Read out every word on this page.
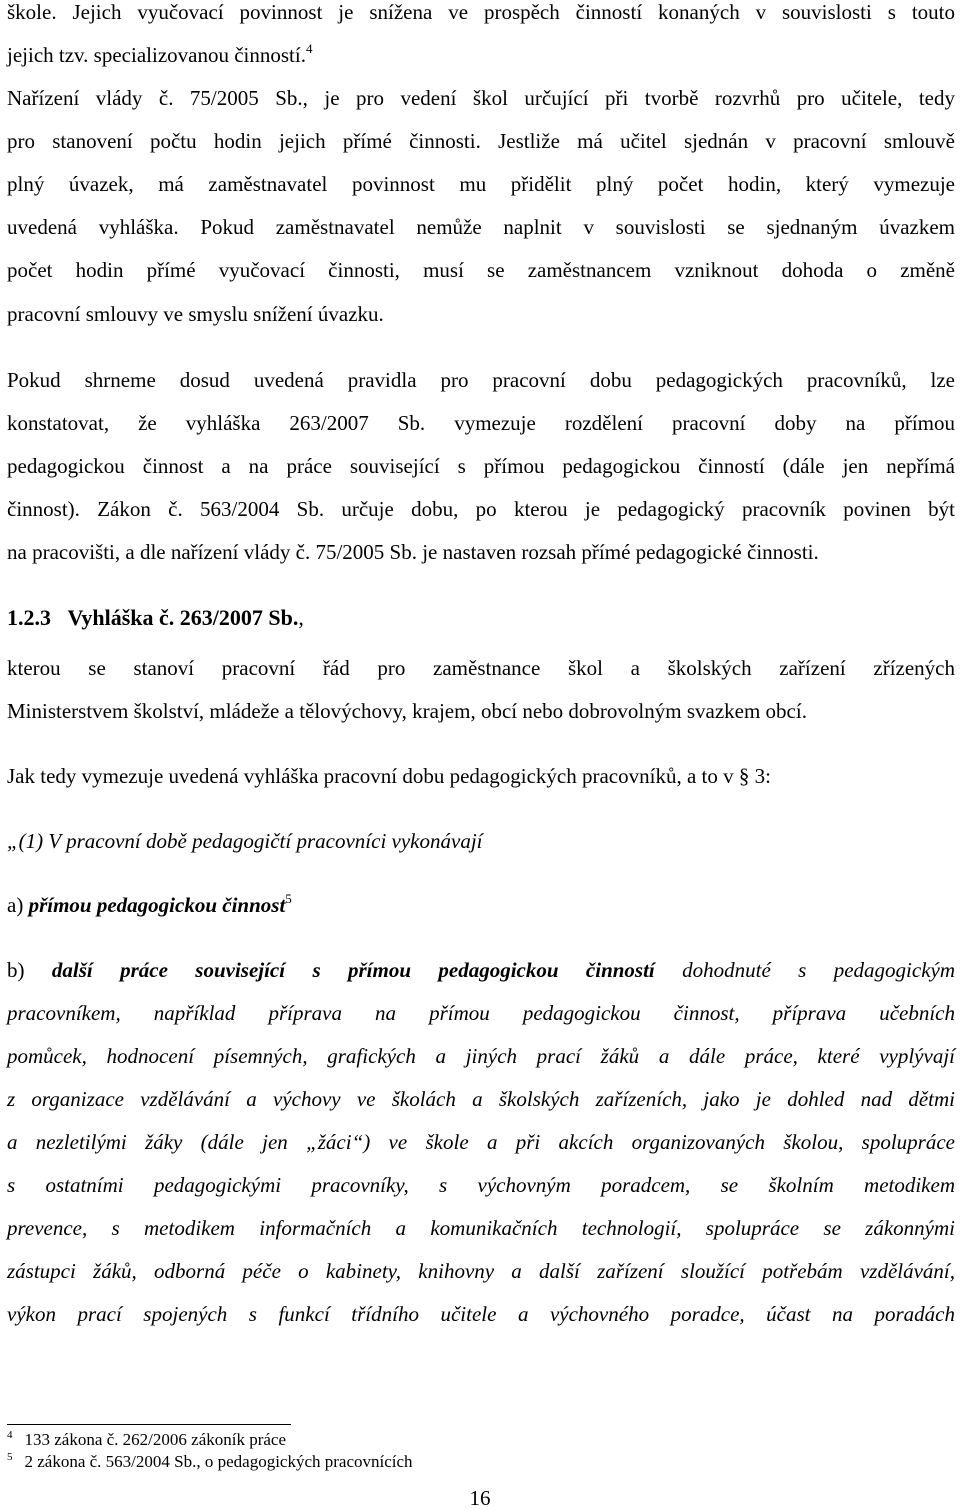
škole. Jejich vyučovací povinnost je snížena ve prospěch činností konaných v souvislosti s touto
jejich tzv. specializovanou činností.$^4$
Nařízení vlády č. 75/2005 Sb., je pro vedení škol určující při tvorbě rozvrhů pro učitele, tedy
pro stanovení počtu hodin jejich přímé činnosti. Jestliže má učitel sjednán v pracovní smlouvě
plný úvazek, má zaměstnavatel povinnost mu přidělit plný počet hodin, který vymezuje
uvedená vyhláška. Pokud zaměstnavatel nemůže naplnit v souvislosti se sjednaným úvazkem
počet hodin přímé vyučovací činnosti, musí se zaměstnancem vzniknout dohoda o změně
pracovní smlouvy ve smyslu snížení úvazku.
Pokud shrneme dosud uvedená pravidla pro pracovní dobu pedagogických pracovníků, lze
konstatovat, že vyhláška 263/2007 Sb. vymezuje rozdělení pracovní doby na přímou
pedagogickou činnost a na práce související s přímou pedagogickou činností (dále jen nepřímá
činnost). Zákon č. 563/2004 Sb. určuje dobu, po kterou je pedagogický pracovník povinen být
na pracovišti, a dle nařízení vlády č. 75/2005 Sb. je nastaven rozsah přímé pedagogické činnosti.
1.2.3 Vyhláška č. 263/2007 Sb.,
kterou se stanoví pracovní řád pro zaměstnance škol a školských zařízení zřízených
Ministerstvem školství, mládeže a tělovýchovy, krajem, obcí nebo dobrovolným svazkem obcí.
Jak tedy vymezuje uvedená vyhláška pracovní dobu pedagogických pracovníků, a to v § 3:
„(1) V pracovní době pedagogičtí pracovníci vykonávají
a) přímou pedagogickou činnost$^5$
b) další práce související s přímou pedagogickou činností dohodnuté s pedagogickým
pracovníkem, například příprava na přímou pedagogickou činnost, příprava učebních
pomůcek, hodnocení písemných, grafických a jiných prací žáků a dále práce, které vyplývají
z organizace vzdělávání a výchovy ve školách a školských zařízeních, jako je dohled nad dětmi
a nezletilými žáky (dále jen „žáci“) ve škole a při akcích organizovaných školou, spolupráce
s ostatními pedagogickými pracovníky, s výchovným poradcem, se školním metodikem
prevence, s metodikem informačních a komunikačních technologií, spolupráce se zákonnými
zástupci žáků, odborná péče o kabinety, knihovny a další zařízení sloužící potřebám vzdělávání,
výkon prací spojených s funkcí třídního učitele a výchovného poradce, účast na poradách
$^4$ 133 zákona č. 262/2006 zákoník práce
$^5$ 2 zákona č. 563/2004 Sb., o pedagogických pracovnících
16
